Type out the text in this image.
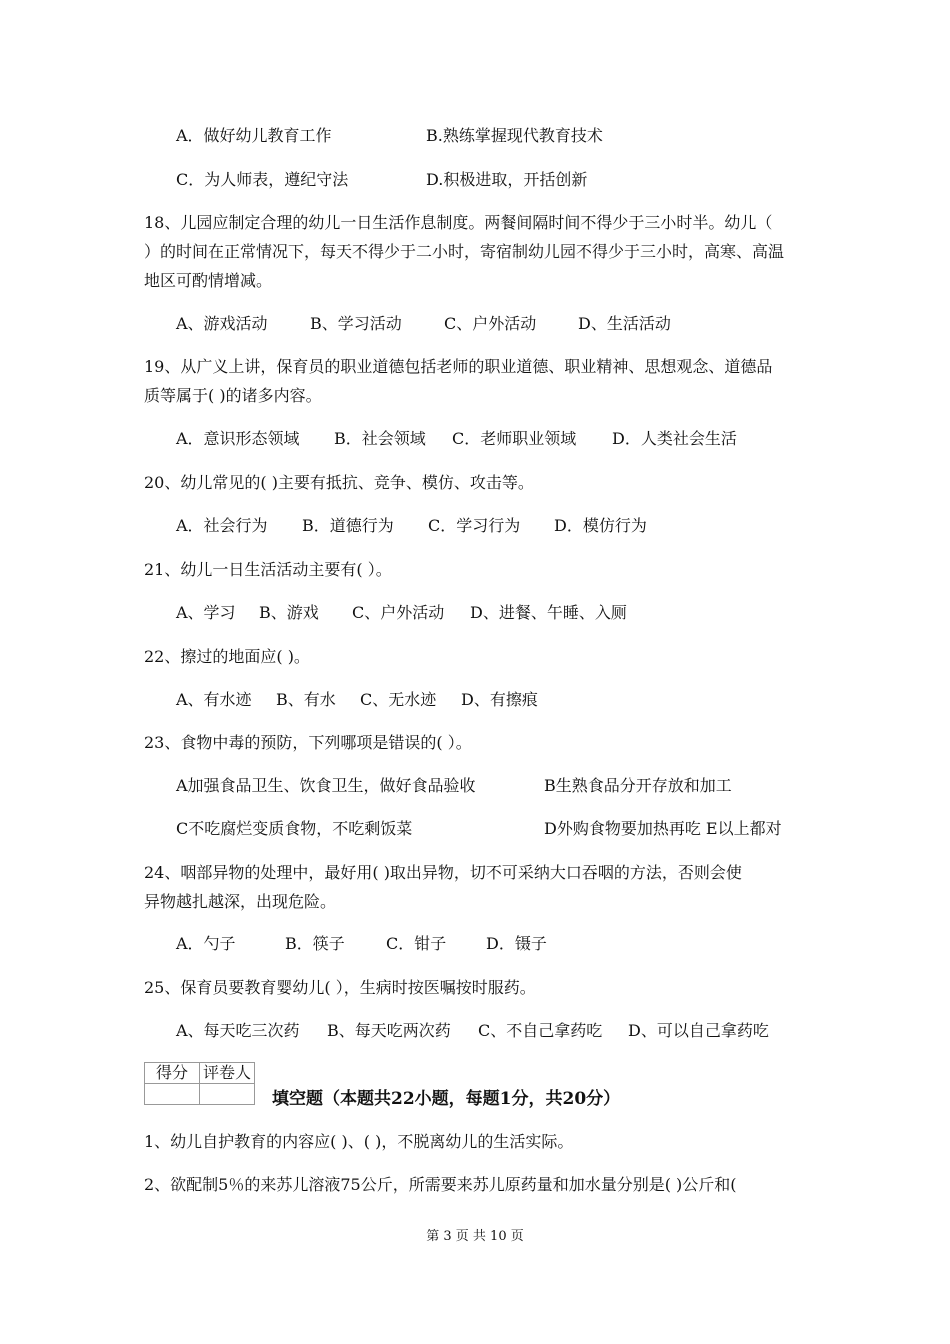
A．做好幼儿教育工作	B.熟练掌握现代教育技术
C．为人师表，遵纪守法	D.积极进取，开括创新
18、儿园应制定合理的幼儿一日生活作息制度。两餐间隔时间不得少于三小时半。幼儿（
）的时间在正常情况下，每天不得少于二小时，寄宿制幼儿园不得少于三小时，高寒、高温
地区可酌情增减。
A、游戏活动	B、学习活动	C、户外活动	D、生活活动
19、从广义上讲，保育员的职业道德包括老师的职业道德、职业精神、思想观念、道德品
质等属于( )的诸多内容。
A．意识形态领域 B．社会领域 C．老师职业领域 D．人类社会生活
20、幼儿常见的( )主要有抵抗、竞争、模仿、攻击等。
A．社会行为 B．道德行为 C．学习行为 D．模仿行为
21、幼儿一日生活活动主要有( ）。
A、学习 B、游戏 C、户外活动 D、进餐、午睡、入厕
22、擦过的地面应( )。
A、有水迹 B、有水 C、无水迹 D、有擦痕
23、食物中毒的预防，下列哪项是错误的( ）。
A加强食品卫生、饮食卫生，做好食品验收	B生熟食品分开存放和加工
C不吃腐烂变质食物，不吃剩饭菜	D外购食物要加热再吃 E以上都对
24、咽部异物的处理中，最好用( )取出异物，切不可采纳大口吞咽的方法，否则会使
异物越扎越深，出现危险。
A．勺子	B．筷子	C．钳子 D．镊子
25、保育员要教育婴幼儿( ），生病时按医嘱按时服药。
A、每天吃三次药 B、每天吃两次药 C、不自己拿药吃 D、可以自己拿药吃
得分	评卷人

填空题（本题共22小题，每题1分，共20分）
1、幼儿自护教育的内容应( )、( )，不脱离幼儿的生活实际。
2、欲配制5％的来苏儿溶液75公斤，所需要来苏儿原药量和加水量分别是( )公斤和(
第 3 页 共 10 页
